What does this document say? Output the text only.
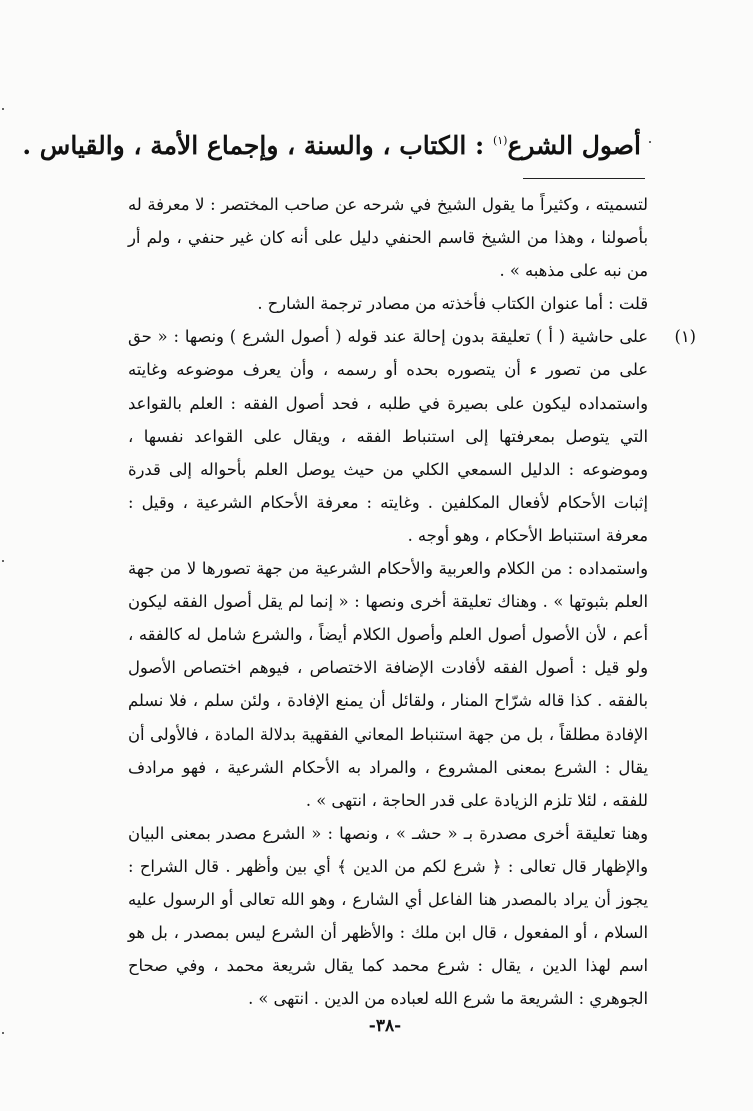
أصول الشرع$^{(١)}$ : الكتاب ، والسنة ، وإجماع الأمة ، والقياس .

لتسميته ، وكثيراً ما يقول الشيخ في شرحه عن صاحب المختصر : لا معرفة له بأصولنا ، وهذا من الشيخ قاسم الحنفي دليل على أنه كان غير حنفي ، ولم أر من نبه على مذهبه » .

قلت : أما عنوان الكتاب فأخذته من مصادر ترجمة الشارح .

(١)
على حاشية ( أ ) تعليقة بدون إحالة عند قوله ( أصول الشرع ) ونصها : « حق على من تصور ء أن يتصوره بحده أو رسمه ، وأن يعرف موضوعه وغايته واستمداده ليكون على بصيرة في طلبه ، فحد أصول الفقه : العلم بالقواعد التي يتوصل بمعرفتها إلى استنباط الفقه ، ويقال على القواعد نفسها ، وموضوعه : الدليل السمعي الكلي من حيث يوصل العلم بأحواله إلى قدرة إثبات الأحكام لأفعال المكلفين . وغايته : معرفة الأحكام الشرعية ، وقيل : معرفة استنباط الأحكام ، وهو أوجه .

واستمداده : من الكلام والعربية والأحكام الشرعية من جهة تصورها لا من جهة العلم بثبوتها » . وهناك تعليقة أخرى ونصها : « إنما لم يقل أصول الفقه ليكون أعم ، لأن الأصول أصول العلم وأصول الكلام أيضاً ، والشرع شامل له كالفقه ، ولو قيل : أصول الفقه لأفادت الإضافة الاختصاص ، فيوهم اختصاص الأصول بالفقه . كذا قاله شرّاح المنار ، ولقائل أن يمنع الإفادة ، ولئن سلم ، فلا نسلم الإفادة مطلقاً ، بل من جهة استنباط المعاني الفقهية بدلالة المادة ، فالأولى أن يقال : الشرع بمعنى المشروع ، والمراد به الأحكام الشرعية ، فهو مرادف للفقه ، لئلا تلزم الزيادة على قدر الحاجة ، انتهى » .

وهنا تعليقة أخرى مصدرة بـ « حشـ » ، ونصها : « الشرع مصدر بمعنى البيان والإظهار قال تعالى : ﴿ شرع لكم من الدين ﴾ أي بين وأظهر . قال الشراح : يجوز أن يراد بالمصدر هنا الفاعل أي الشارع ، وهو الله تعالى أو الرسول عليه السلام ، أو المفعول ، قال ابن ملك : والأظهر أن الشرع ليس بمصدر ، بل هو اسم لهذا الدين ، يقال : شرع محمد كما يقال شريعة محمد ، وفي صحاح الجوهري : الشريعة ما شرع الله لعباده من الدين . انتهى » .

-٣٨-
